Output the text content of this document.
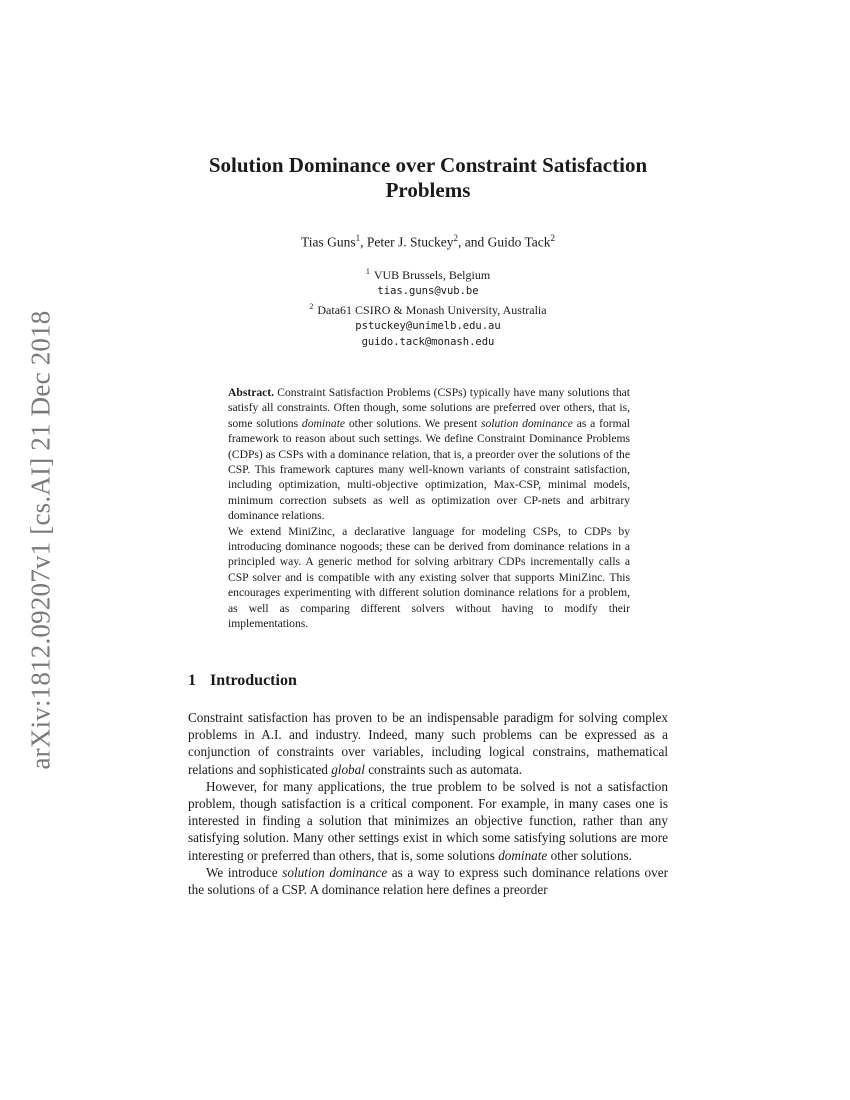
arXiv:1812.09207v1 [cs.AI] 21 Dec 2018
Solution Dominance over Constraint Satisfaction
Problems
Tias Guns$^1$, Peter J. Stuckey$^2$, and Guido Tack$^2$
$^1$ VUB Brussels, Belgium
tias.guns@vub.be
$^2$ Data61 CSIRO & Monash University, Australia
pstuckey@unimelb.edu.au
guido.tack@monash.edu

Abstract. Constraint Satisfaction Problems (CSPs) typically have many solutions that satisfy all constraints. Often though, some solutions are preferred over others, that is, some solutions dominate other solutions. We present solution dominance as a formal framework to reason about such settings. We define Constraint Dominance Problems (CDPs) as CSPs with a dominance relation, that is, a preorder over the solutions of the CSP. This framework captures many well-known variants of constraint satisfaction, including optimization, multi-objective optimization, Max-CSP, minimal models, minimum correction subsets as well as optimization over CP-nets and arbitrary dominance relations.

We extend MiniZinc, a declarative language for modeling CSPs, to CDPs by introducing dominance nogoods; these can be derived from dominance relations in a principled way. A generic method for solving arbitrary CDPs incrementally calls a CSP solver and is compatible with any existing solver that supports MiniZinc. This encourages experimenting with different solution dominance relations for a problem, as well as comparing different solvers without having to modify their implementations.

1 Introduction

Constraint satisfaction has proven to be an indispensable paradigm for solving complex problems in A.I. and industry. Indeed, many such problems can be expressed as a conjunction of constraints over variables, including logical constrains, mathematical relations and sophisticated global constraints such as automata.

However, for many applications, the true problem to be solved is not a satisfaction problem, though satisfaction is a critical component. For example, in many cases one is interested in finding a solution that minimizes an objective function, rather than any satisfying solution. Many other settings exist in which some satisfying solutions are more interesting or preferred than others, that is, some solutions dominate other solutions.

We introduce solution dominance as a way to express such dominance relations over the solutions of a CSP. A dominance relation here defines a preorder
